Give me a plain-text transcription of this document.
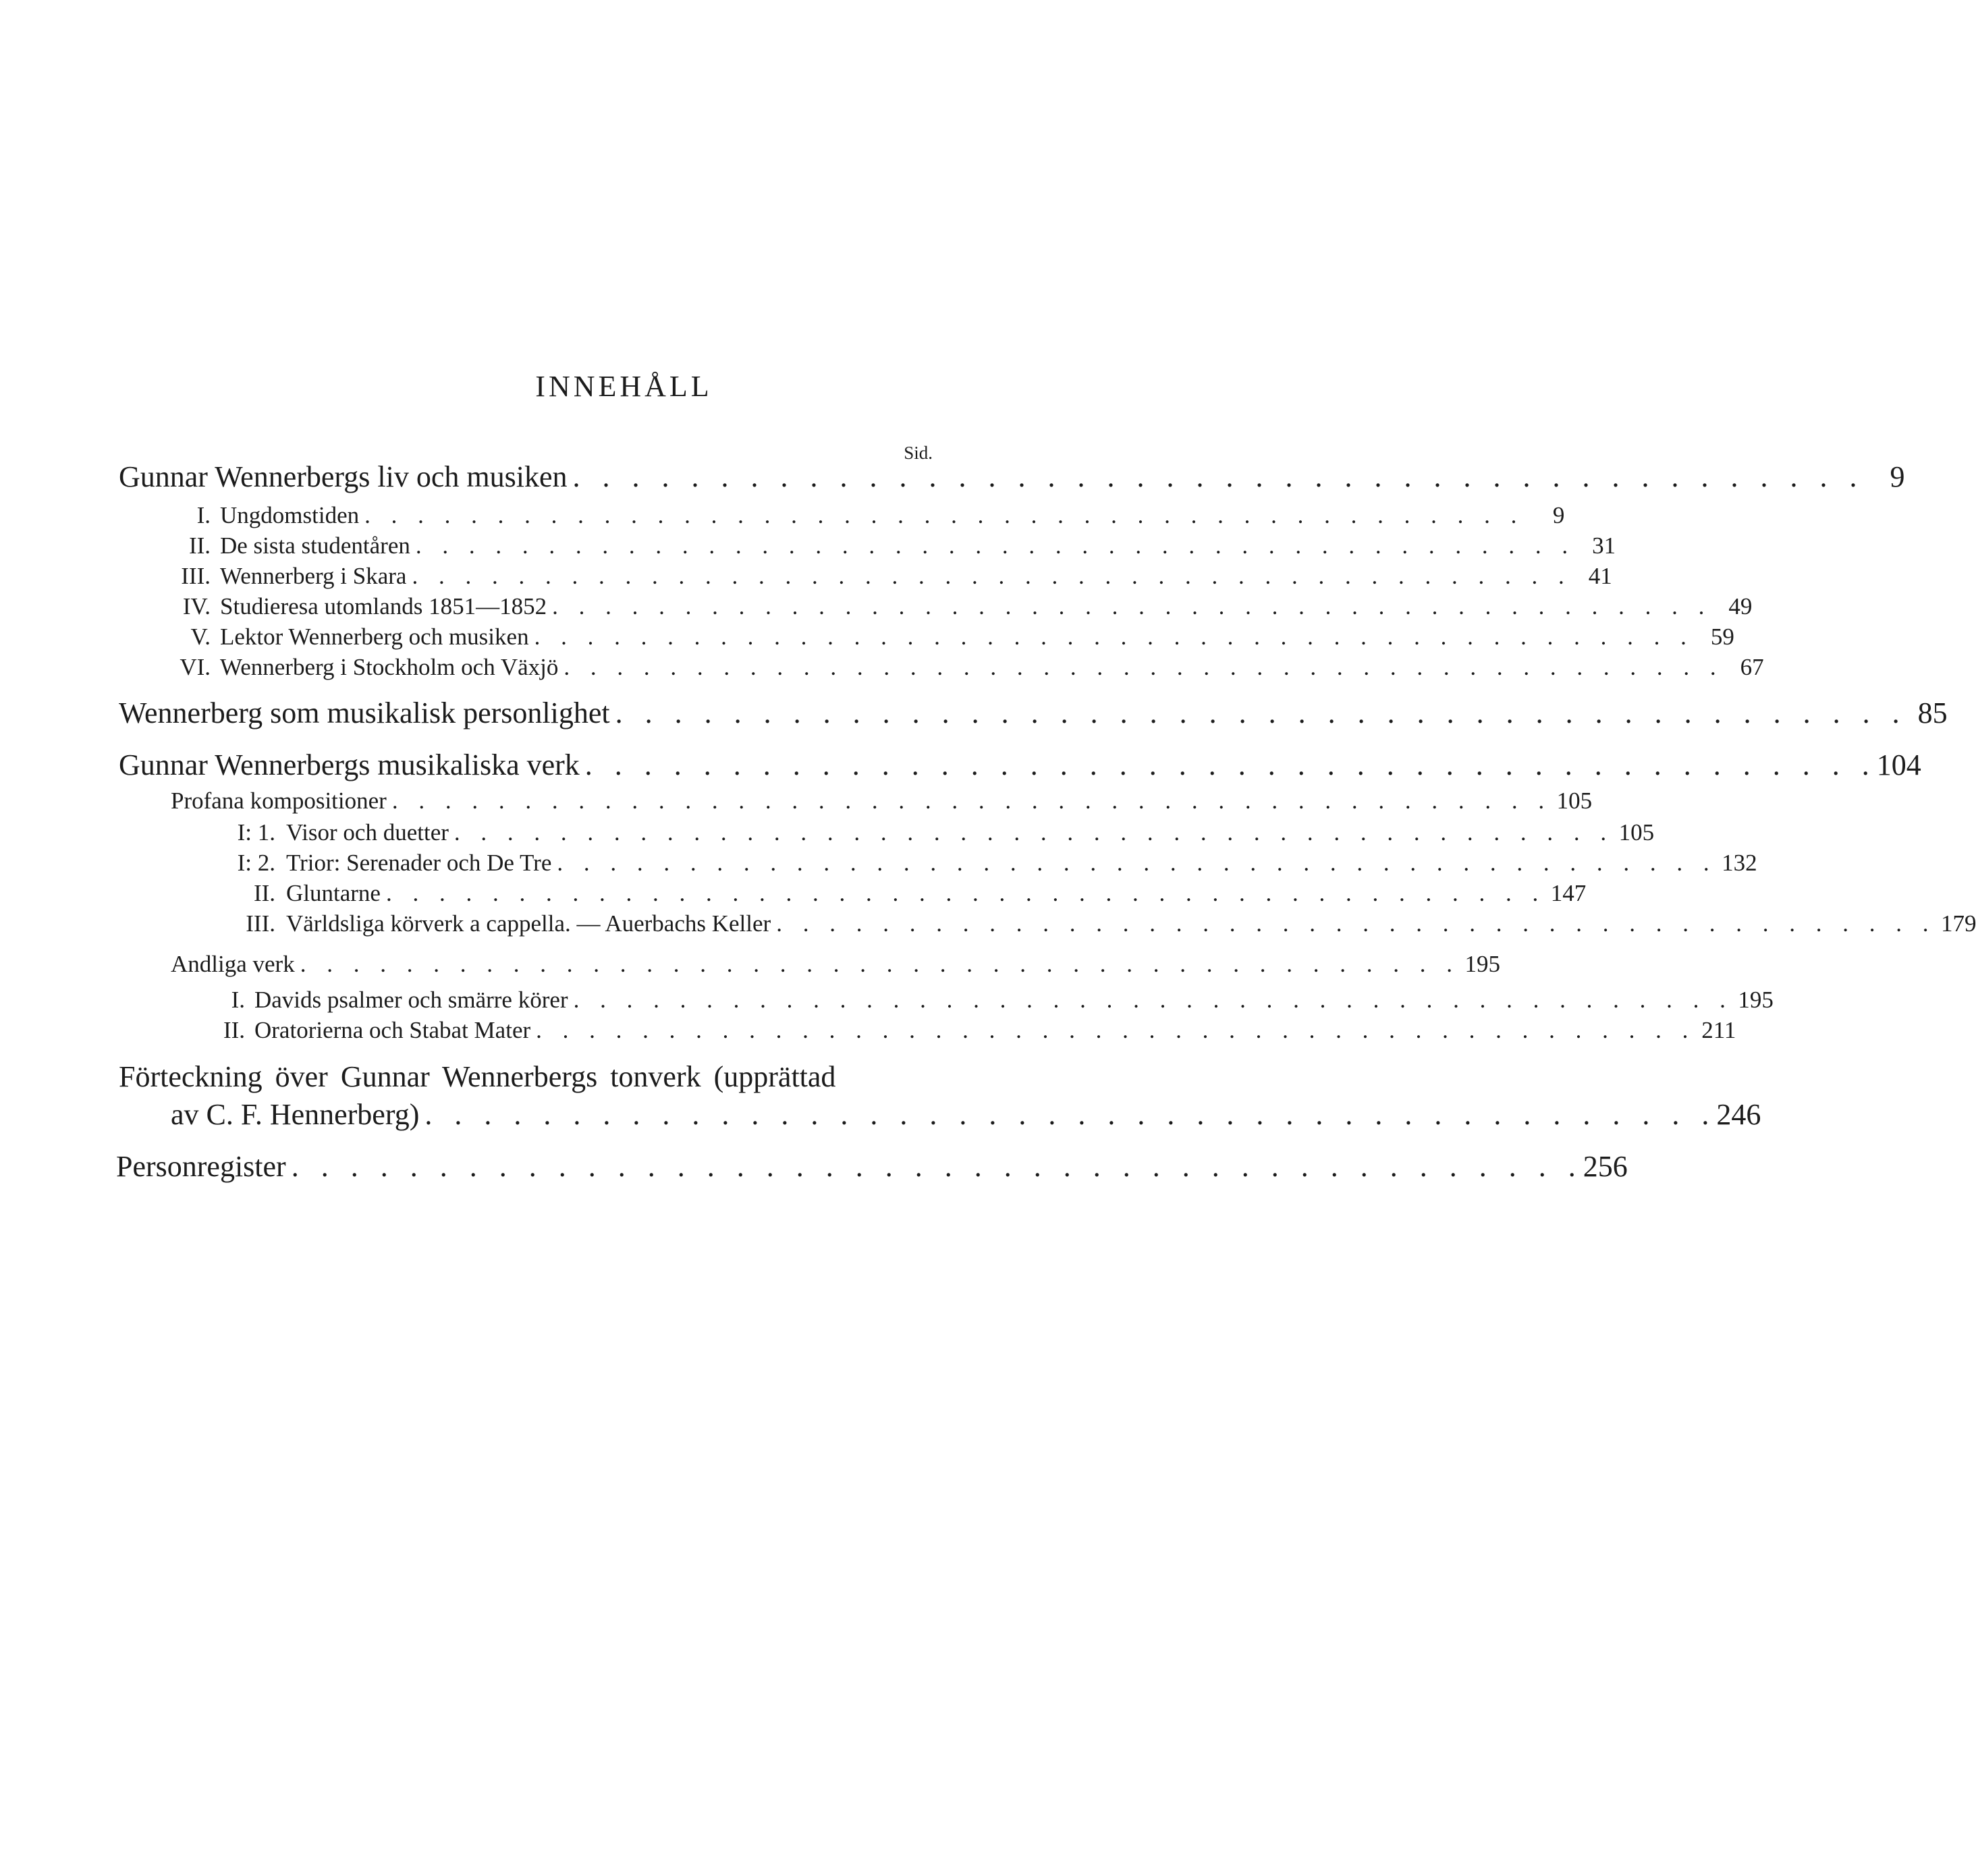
INNEHÅLL
Sid.
Gunnar Wennerbergs liv och musiken . . . . . . . . . . . . . . . . . . . . . . . . . . . . . . . . . . . . . . . . . . . . 9
I. Ungdomstiden . . . . . . . . . . . . . . . . . . . . . . . . . . . . . . . . . . . . . . . . . . . .	9
II. De sista studentåren . . . . . . . . . . . . . . . . . . . . . . . . . . . . . . . . . . . . . . . . . . . . 31
III. Wennerberg i Skara . . . . . . . . . . . . . . . . . . . . . . . . . . . . . . . . . . . . . . . . . . . . 41
IV. Studieresa utomlands 1851—1852 . . . . . . . . . . . . . . . . . . . . . . . . . . . . . . . . . . . . . . . . . . . . 49
V. Lektor Wennerberg och musiken . . . . . . . . . . . . . . . . . . . . . . . . . . . . . . . . . . . . . . . . . . . . 59
VI. Wennerberg i Stockholm och Växjö . . . . . . . . . . . . . . . . . . . . . . . . . . . . . . . . . . . . . . . . . . . . 67
Wennerberg som musikalisk personlighet . . . . . . . . . . . . . . . . . . . . . . . . . . . . . . . . . . . . . . . . . . . . 85
Gunnar Wennerbergs musikaliska verk . . . . . . . . . . . . . . . . . . . . . . . . . . . . . . . . . . . . . . . . . . . . 104
Profana kompositioner . . . . . . . . . . . . . . . . . . . . . . . . . . . . . . . . . . . . . . . . . . . . 105
I: 1. Visor och duetter . . . . . . . . . . . . . . . . . . . . . . . . . . . . . . . . . . . . . . . . . . . . 105
I: 2. Trior: Serenader och De Tre . . . . . . . . . . . . . . . . . . . . . . . . . . . . . . . . . . . . . . . . . . . . 132
II. Gluntarne . . . . . . . . . . . . . . . . . . . . . . . . . . . . . . . . . . . . . . . . . . . . 147
III. Världsliga körverk a cappella. — Auerbachs Keller . . . . . . . . . . . . . . . . . . . . . . . . . . . . . . . . . . . . . . . . . . . . 179
Andliga verk . . . . . . . . . . . . . . . . . . . . . . . . . . . . . . . . . . . . . . . . . . . . 195
I. Davids psalmer och smärre körer . . . . . . . . . . . . . . . . . . . . . . . . . . . . . . . . . . . . . . . . . . . . 195
II. Oratorierna och Stabat Mater . . . . . . . . . . . . . . . . . . . . . . . . . . . . . . . . . . . . . . . . . . . . 211
Förteckning över Gunnar Wennerbergs tonverk (upprättad
av C. F. Hennerberg) . . . . . . . . . . . . . . . . . . . . . . . . . . . . . . . . . . . . . . . . . . . . 246
Personregister . . . . . . . . . . . . . . . . . . . . . . . . . . . . . . . . . . . . . . . . . . . . 256
